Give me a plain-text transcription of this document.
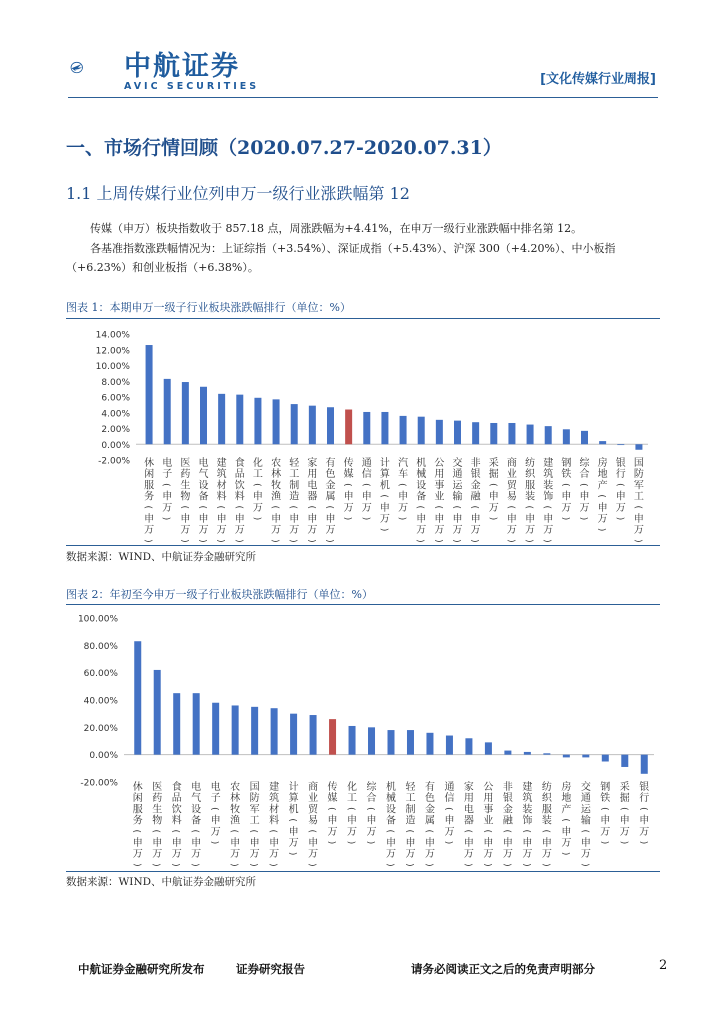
AVIC 中航证券
AVIC SECURITIES	[文化传媒行业周报]
一、市场行情回顾（2020.07.27-2020.07.31）
1.1 上周传媒行业位列申万一级行业涨跌幅第 12
传媒（申万）板块指数收于 857.18 点，周涨跌幅为+4.41%，在申万一级行业涨跌幅中排名第 12。
各基准指数涨跌幅情况为：上证综指（+3.54%）、深证成指（+5.43%）、沪深 300（+4.20%）、中小板指（+6.23%）和创业板指（+6.38%）。
图表 1：本期申万一级子行业板块涨跌幅排行（单位：%）
14.00%
12.00%
10.00%
8.00%
6.00%
4.00%
2.00%
0.00%
-2.00% 休
闲
服
务
(
申
万
)
电
子
(
申
万
)
医
药
生
物
(
申
万
)
电
气
设
备
(
申
万
)
建
筑
材
料
(
申
万
)
食
品
饮
料
(
申
万
)
化
工
(
申
万
)
农
林
牧
渔
(
申
万
)
轻
工
制
造
(
申
万
)
家
用
电
器
(
申
万
)
有
色
金
属
(
申
万
)
传
媒
(
申
万
)
通
信
(
申
万
)
计
算
机
(
申
万
)
汽
车
(
申
万
)
机
械
设
备
(
申
万
)
公
用
事
业
(
申
万
)
交
通
运
输
(
申
万
)
非
银
金
融
(
申
万
)
采
掘
(
申
万
)
商
业
贸
易
(
申
万
)
纺
织
服
装
(
申
万
)
建
筑
装
饰
(
申
万
)
钢
铁
(
申
万
)
综
合
(
申
万
)
房
地
产
(
申
万
)
银
行
(
申
万
)
国
防
军
工
(
申
万
)
数据来源：WIND、中航证券金融研究所
图表 2：年初至今申万一级子行业板块涨跌幅排行（单位：%）
100.00%
80.00%
60.00%
40.00%
20.00%
0.00%
-20.00% 休
闲
服
务
(
申
万
)
医
药
生
物
(
申
万
)
食
品
饮
料
(
申
万
)
电
气
设
备
(
申
万
)
电
子
(
申
万
)
农
林
牧
渔
(
申
万
)
国
防
军
工
(
申
万
)
建
筑
材
料
(
申
万
)
计
算
机
(
申
万
)
商
业
贸
易
(
申
万
)
传
媒
(
申
万
)
化
工
(
申
万
)
综
合
(
申
万
)
机
械
设
备
(
申
万
)
轻
工
制
造
(
申
万
)
有
色
金
属
(
申
万
)
通
信
(
申
万
)
家
用
电
器
(
申
万
)
公
用
事
业
(
申
万
)
非
银
金
融
(
申
万
)
建
筑
装
饰
(
申
万
)
纺
织
服
装
(
申
万
)
房
地
产
(
申
万
)
交
通
运
输
(
申
万
)
钢
铁
(
申
万
)
采
掘
(
申
万
)
银
行
(
申
万
)
数据来源：WIND、中航证券金融研究所
中航证券金融研究所发布	证券研究报告	请务必阅读正文之后的免责声明部分	2
